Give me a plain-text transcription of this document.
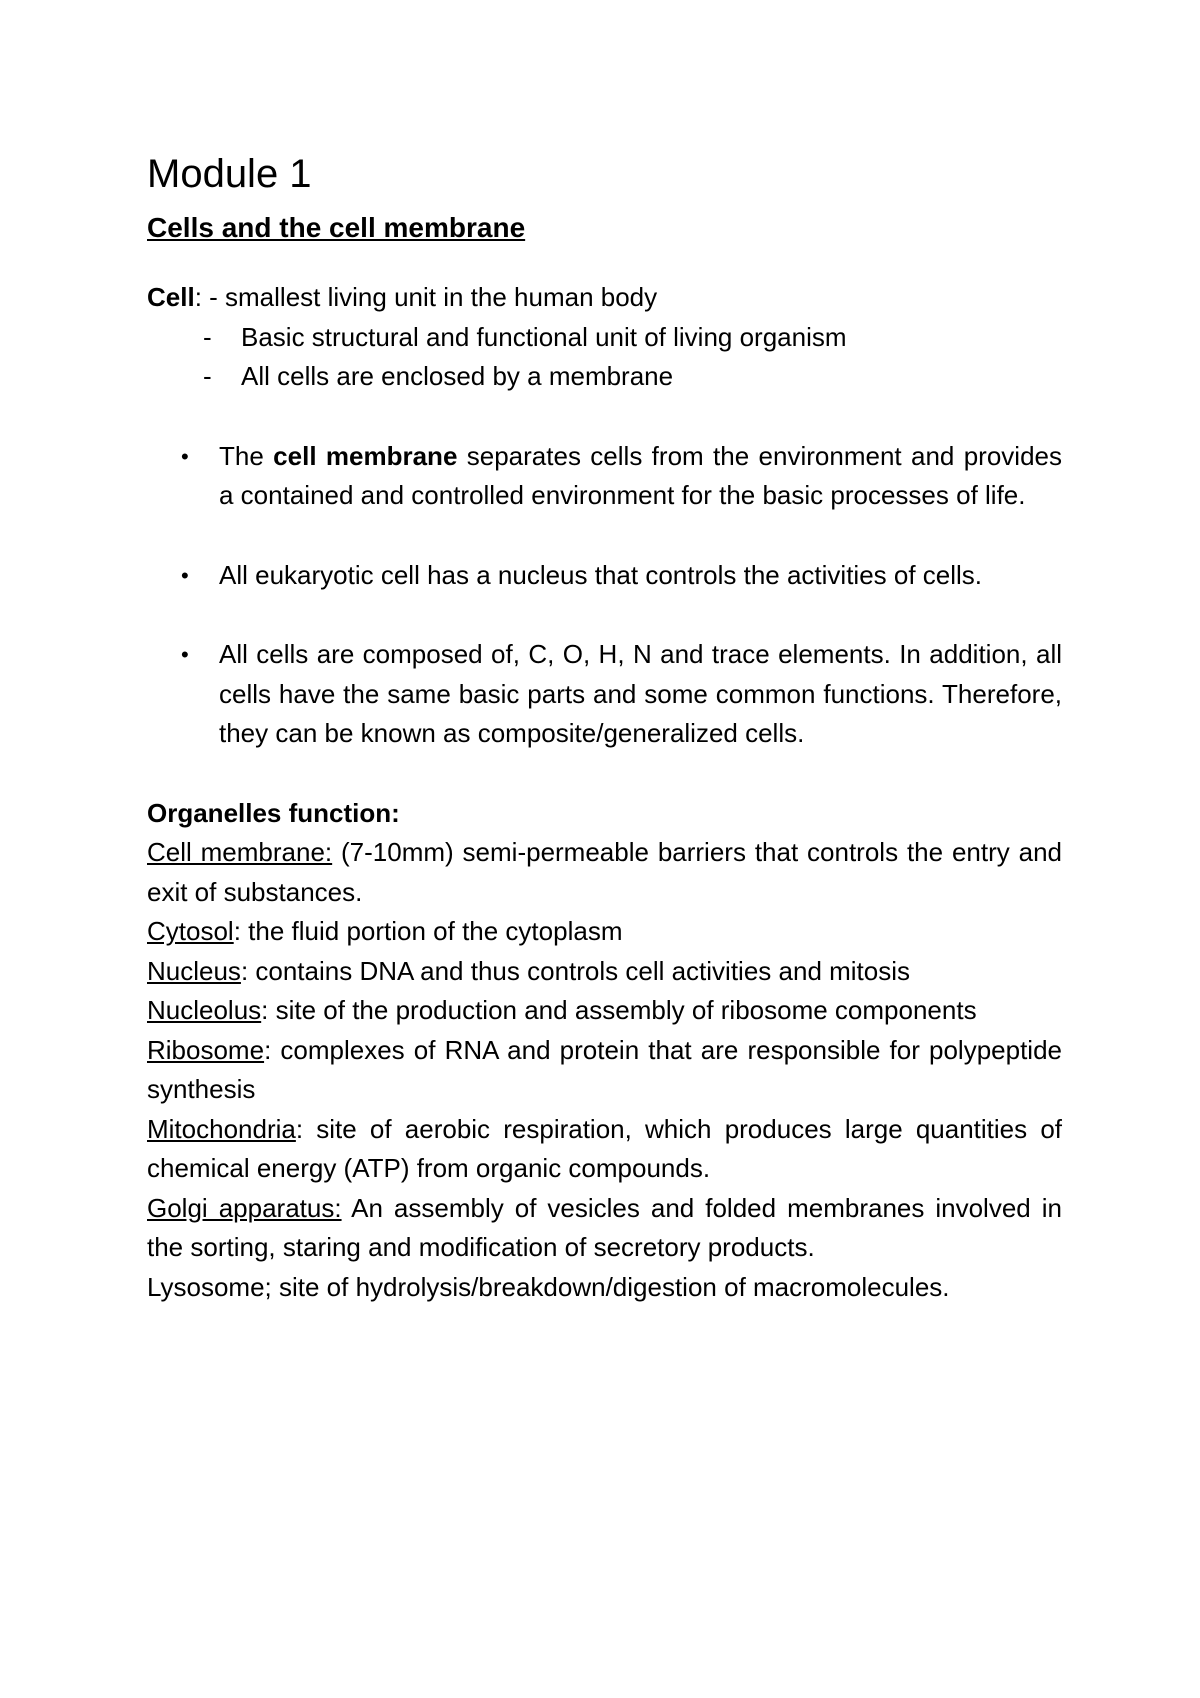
Module 1
Cells and the cell membrane

Cell: - smallest living unit in the human body

- Basic structural and functional unit of living organism
- All cells are enclosed by a membrane
• The cell membrane separates cells from the environment and provides a contained and controlled environment for the basic processes of life.
• All eukaryotic cell has a nucleus that controls the activities of cells.
• All cells are composed of, C, O, H, N and trace elements. In addition, all cells have the same basic parts and some common functions. Therefore, they can be known as composite/generalized cells.

Organelles function:

Cell membrane: (7-10mm) semi-permeable barriers that controls the entry and exit of substances.
Cytosol: the fluid portion of the cytoplasm
Nucleus: contains DNA and thus controls cell activities and mitosis
Nucleolus: site of the production and assembly of ribosome components
Ribosome: complexes of RNA and protein that are responsible for polypeptide synthesis
Mitochondria: site of aerobic respiration, which produces large quantities of chemical energy (ATP) from organic compounds.
Golgi apparatus: An assembly of vesicles and folded membranes involved in the sorting, staring and modification of secretory products.
Lysosome; site of hydrolysis/breakdown/digestion of macromolecules.
